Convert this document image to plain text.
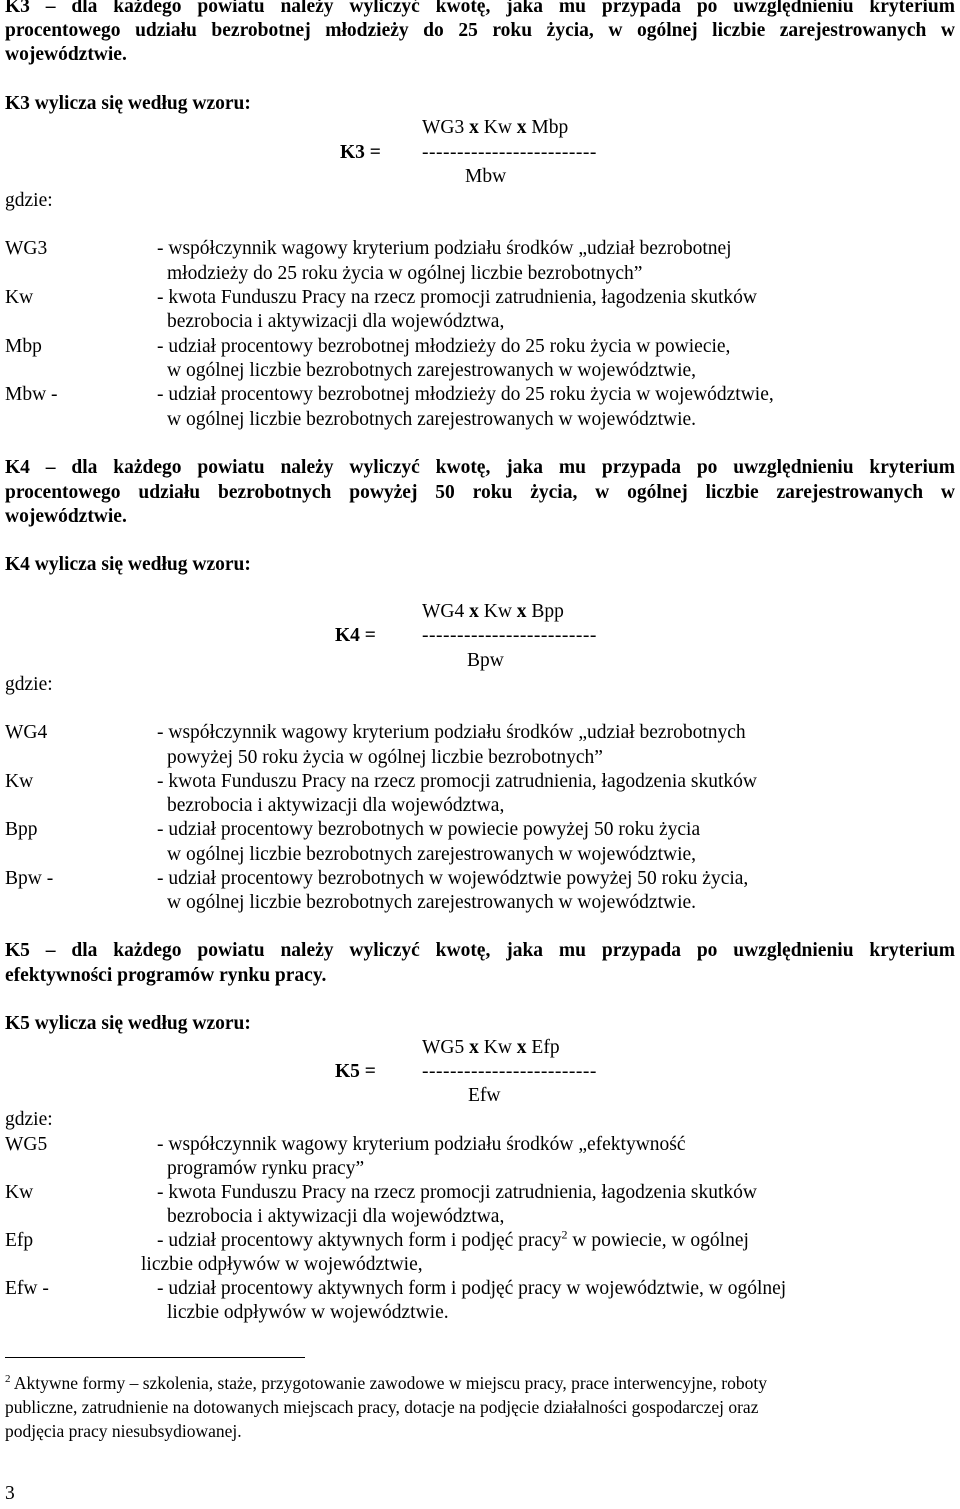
K3 – dla każdego powiatu należy wyliczyć kwotę, jaka mu przypada po uwzględnieniu kryterium
procentowego udziału bezrobotnej młodzieży do 25 roku życia, w ogólnej liczbie zarejestrowanych w
województwie.
K3 wylicza się według wzoru:
WG3 x Kw x Mbp
K3 = -------------------------
Mbw
gdzie:
WG3	- współczynnik wagowy kryterium podziału środków „udział bezrobotnej
młodzieży do 25 roku życia w ogólnej liczbie bezrobotnych”
Kw	- kwota Funduszu Pracy na rzecz promocji zatrudnienia, łagodzenia skutków
bezrobocia i aktywizacji dla województwa,
Mbp	- udział procentowy bezrobotnej młodzieży do 25 roku życia w powiecie,
w ogólnej liczbie bezrobotnych zarejestrowanych w województwie,
Mbw -	- udział procentowy bezrobotnej młodzieży do 25 roku życia w województwie,
w ogólnej liczbie bezrobotnych zarejestrowanych w województwie.
K4 – dla każdego powiatu należy wyliczyć kwotę, jaka mu przypada po uwzględnieniu kryterium
procentowego udziału bezrobotnych powyżej 50 roku życia, w ogólnej liczbie zarejestrowanych w
województwie.
K4 wylicza się według wzoru:
WG4 x Kw x Bpp
K4 = -------------------------
Bpw
gdzie:
WG4	- współczynnik wagowy kryterium podziału środków „udział bezrobotnych
powyżej 50 roku życia w ogólnej liczbie bezrobotnych”
Kw	- kwota Funduszu Pracy na rzecz promocji zatrudnienia, łagodzenia skutków
bezrobocia i aktywizacji dla województwa,
Bpp	- udział procentowy bezrobotnych w powiecie powyżej 50 roku życia
w ogólnej liczbie bezrobotnych zarejestrowanych w województwie,
Bpw -	- udział procentowy bezrobotnych w województwie powyżej 50 roku życia,
w ogólnej liczbie bezrobotnych zarejestrowanych w województwie.
K5 – dla każdego powiatu należy wyliczyć kwotę, jaka mu przypada po uwzględnieniu kryterium
efektywności programów rynku pracy.
K5 wylicza się według wzoru:
WG5 x Kw x Efp
K5 = -------------------------
Efw
gdzie:
WG5	- współczynnik wagowy kryterium podziału środków „efektywność
programów rynku pracy”
Kw	- kwota Funduszu Pracy na rzecz promocji zatrudnienia, łagodzenia skutków
bezrobocia i aktywizacji dla województwa,
Efp	- udział procentowy aktywnych form i podjęć pracy$^2$ w powiecie, w ogólnej
liczbie odpływów w województwie,
Efw -	- udział procentowy aktywnych form i podjęć pracy w województwie, w ogólnej
liczbie odpływów w województwie.
$^2$ Aktywne formy – szkolenia, staże, przygotowanie zawodowe w miejscu pracy, prace interwencyjne, roboty
publiczne, zatrudnienie na dotowanych miejscach pracy, dotacje na podjęcie działalności gospodarczej oraz
podjęcia pracy niesubsydiowanej.
3
